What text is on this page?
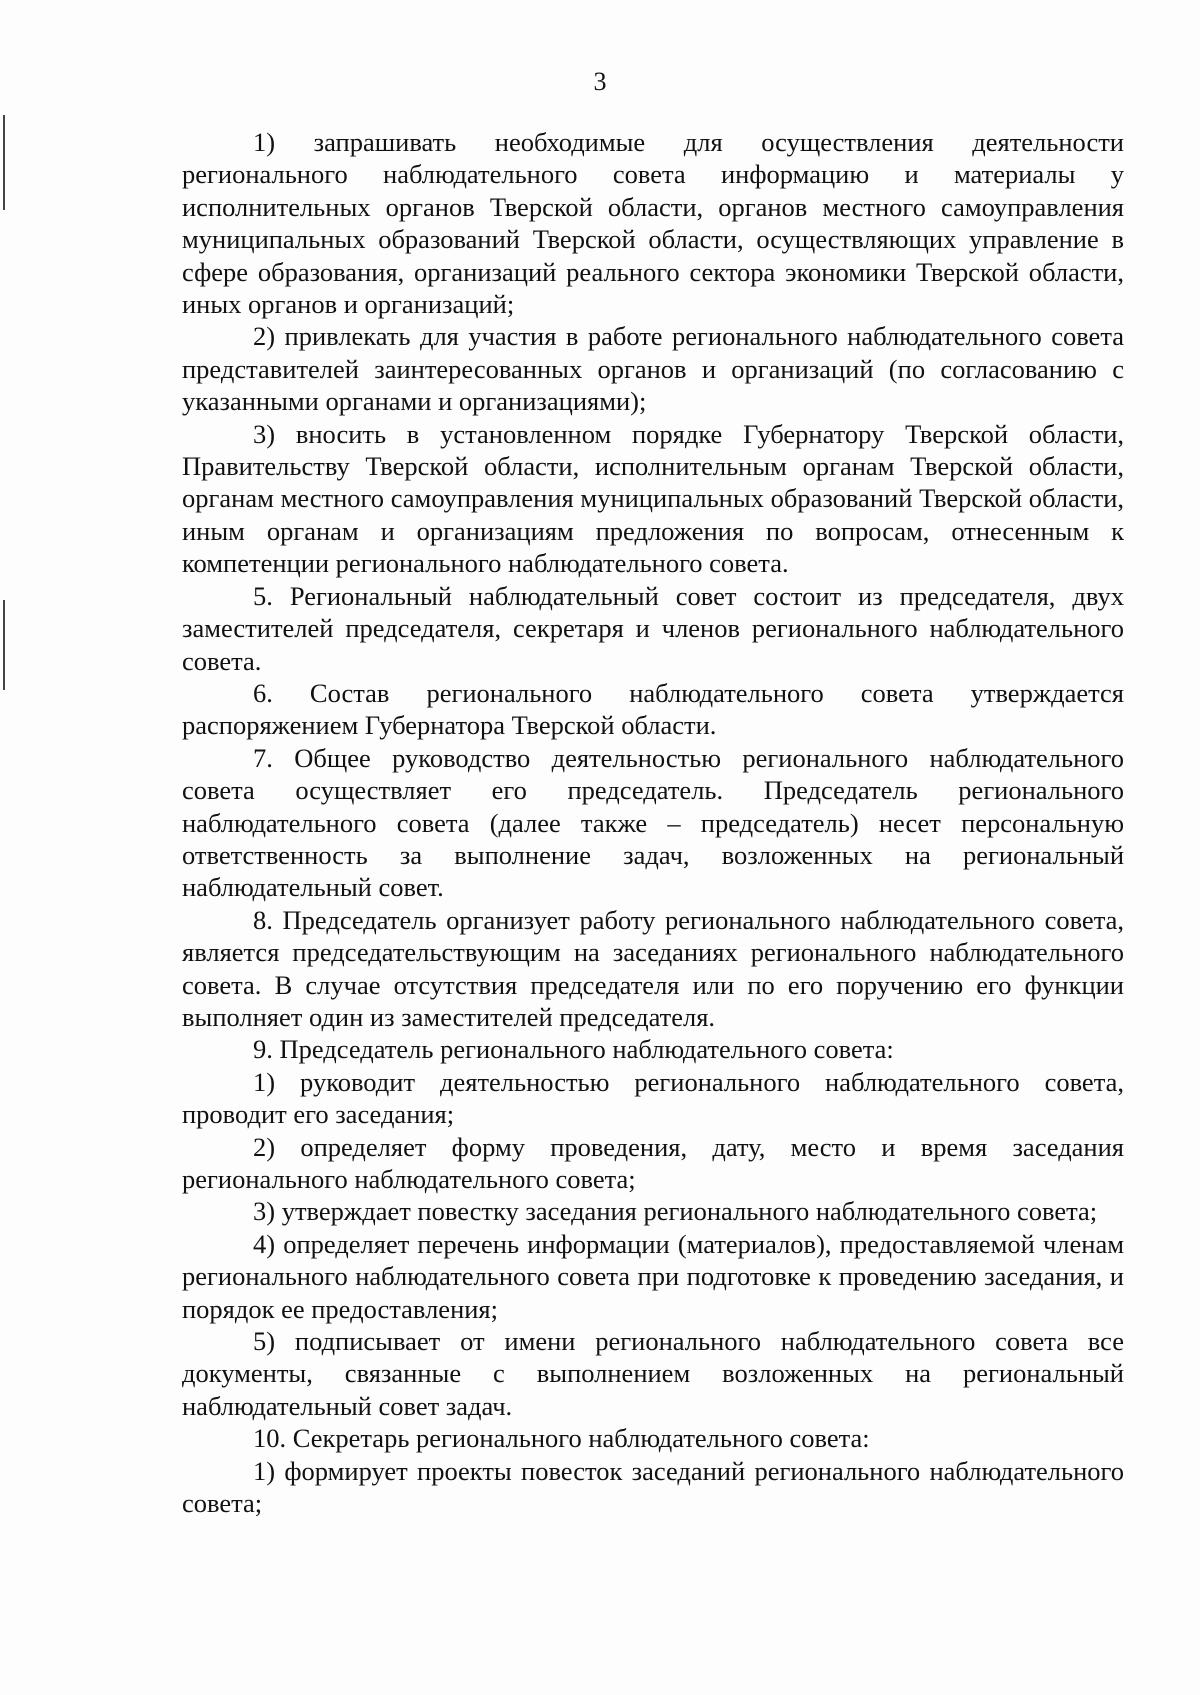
3

1) запрашивать необходимые для осуществления деятельности регионального наблюдательного совета информацию и материалы у исполнительных органов Тверской области, органов местного самоуправления муниципальных образований Тверской области, осуществляющих управление в сфере образования, организаций реального сектора экономики Тверской области, иных органов и организаций;

2) привлекать для участия в работе регионального наблюдательного совета представителей заинтересованных органов и организаций (по согласованию с указанными органами и организациями);

3) вносить в установленном порядке Губернатору Тверской области, Правительству Тверской области, исполнительным органам Тверской области, органам местного самоуправления муниципальных образований Тверской области, иным органам и организациям предложения по вопросам, отнесенным к компетенции регионального наблюдательного совета.

5. Региональный наблюдательный совет состоит из председателя, двух заместителей председателя, секретаря и членов регионального наблюдательного совета.

6. Состав регионального наблюдательного совета утверждается распоряжением Губернатора Тверской области.

7. Общее руководство деятельностью регионального наблюдательного совета осуществляет его председатель. Председатель регионального наблюдательного совета (далее также – председатель) несет персональную ответственность за выполнение задач, возложенных на региональный наблюдательный совет.

8. Председатель организует работу регионального наблюдательного совета, является председательствующим на заседаниях регионального наблюдательного совета. В случае отсутствия председателя или по его поручению его функции выполняет один из заместителей председателя.

9. Председатель регионального наблюдательного совета:

1) руководит деятельностью регионального наблюдательного совета, проводит его заседания;

2) определяет форму проведения, дату, место и время заседания регионального наблюдательного совета;

3) утверждает повестку заседания регионального наблюдательного совета;

4) определяет перечень информации (материалов), предоставляемой членам регионального наблюдательного совета при подготовке к проведению заседания, и порядок ее предоставления;

5) подписывает от имени регионального наблюдательного совета все документы, связанные с выполнением возложенных на региональный наблюдательный совет задач.

10. Секретарь регионального наблюдательного совета:

1) формирует проекты повесток заседаний регионального наблюдательного совета;
